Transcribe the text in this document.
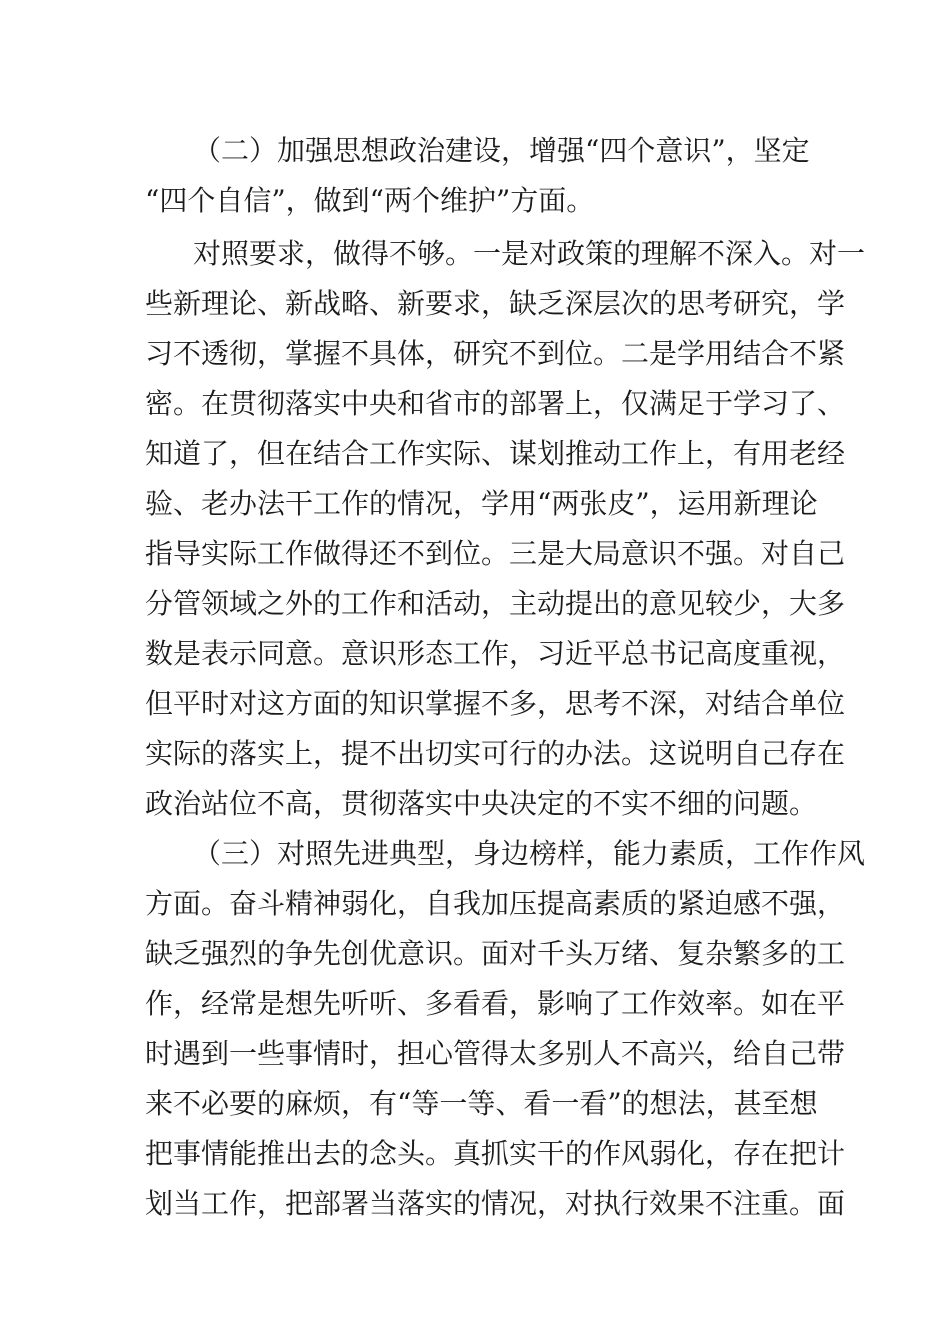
（二）加强思想政治建设，增强“四个意识”，坚定
“四个自信”，做到“两个维护”方面。
对照要求，做得不够。一是对政策的理解不深入。对一
些新理论、新战略、新要求，缺乏深层次的思考研究，学
习不透彻，掌握不具体，研究不到位。二是学用结合不紧
密。在贯彻落实中央和省市的部署上，仅满足于学习了、
知道了，但在结合工作实际、谋划推动工作上，有用老经
验、老办法干工作的情况，学用“两张皮”，运用新理论
指导实际工作做得还不到位。三是大局意识不强。对自己
分管领域之外的工作和活动，主动提出的意见较少，大多
数是表示同意。意识形态工作，习近平总书记高度重视，
但平时对这方面的知识掌握不多，思考不深，对结合单位
实际的落实上，提不出切实可行的办法。这说明自己存在
政治站位不高，贯彻落实中央决定的不实不细的问题。
（三）对照先进典型，身边榜样，能力素质，工作作风
方面。奋斗精神弱化，自我加压提高素质的紧迫感不强，
缺乏强烈的争先创优意识。面对千头万绪、复杂繁多的工
作，经常是想先听听、多看看，影响了工作效率。如在平
时遇到一些事情时，担心管得太多别人不高兴，给自己带
来不必要的麻烦，有“等一等、看一看”的想法，甚至想
把事情能推出去的念头。真抓实干的作风弱化，存在把计
划当工作，把部署当落实的情况，对执行效果不注重。面
